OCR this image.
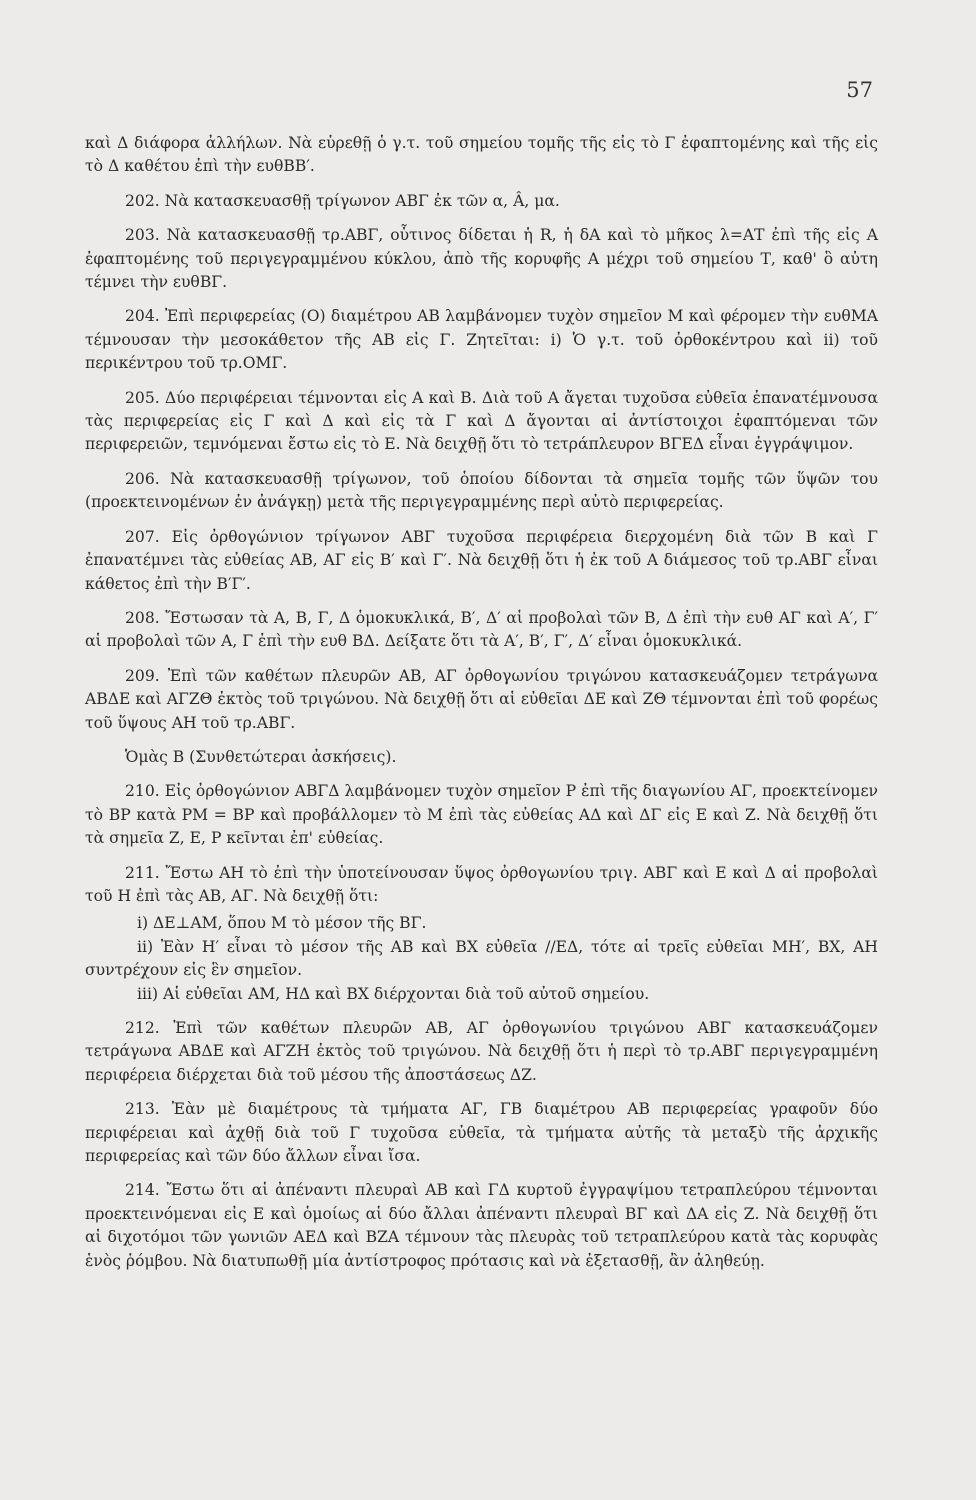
57

καὶ Δ διάφορα ἀλλήλων. Νὰ εὑρεθῇ ὁ γ.τ. τοῦ σημείου τομῆς τῆς εἰς τὸ Γ ἐφαπτομένης καὶ τῆς εἰς τὸ Δ καθέτου ἐπὶ τὴν ευθΒΒ′.

202. Νὰ κατασκευασθῇ τρίγωνον ΑΒΓ ἐκ τῶν α, Â, μα.

203. Νὰ κατασκευασθῇ τρ.ΑΒΓ, οὗτινος δίδεται ἡ R, ἡ δΑ καὶ τὸ μῆκος λ=ΑΤ ἐπὶ τῆς εἰς Α ἐφαπτομένης τοῦ περιγεγραμμένου κύκλου, ἀπὸ τῆς κορυφῆς Α μέχρι τοῦ σημείου Τ, καθ' ὃ αὐτη τέμνει τὴν ευθΒΓ.

204. Ἐπὶ περιφερείας (Ο) διαμέτρου ΑΒ λαμβάνομεν τυχὸν σημεῖον Μ καὶ φέρομεν τὴν ευθΜΑ τέμνουσαν τὴν μεσοκάθετον τῆς ΑΒ εἰς Γ. Ζητεῖται: i) Ὁ γ.τ. τοῦ ὀρθοκέντρου καὶ ii) τοῦ περικέντρου τοῦ τρ.ΟΜΓ.

205. Δύο περιφέρειαι τέμνονται εἰς Α καὶ Β. Διὰ τοῦ Α ἄγεται τυχοῦσα εὐθεῖα ἐπανατέμνουσα τὰς περιφερείας εἰς Γ καὶ Δ καὶ εἰς τὰ Γ καὶ Δ ἄγονται αἱ ἀντίστοιχοι ἐφαπτόμεναι τῶν περιφερειῶν, τεμνόμεναι ἔστω εἰς τὸ Ε. Νὰ δειχθῇ ὅτι τὸ τετράπλευρον ΒΓΕΔ εἶναι ἐγγράψιμον.

206. Νὰ κατασκευασθῇ τρίγωνον, τοῦ ὁποίου δίδονται τὰ σημεῖα τομῆς τῶν ὕψῶν του (προεκτεινομένων ἐν ἀνάγκῃ) μετὰ τῆς περιγεγραμμένης περὶ αὐτὸ περιφερείας.

207. Εἰς ὀρθογώνιον τρίγωνον ΑΒΓ τυχοῦσα περιφέρεια διερχομένη διὰ τῶν Β καὶ Γ ἐπανατέμνει τὰς εὐθείας ΑΒ, ΑΓ εἰς Β′ καὶ Γ′. Νὰ δειχθῇ ὅτι ἡ ἐκ τοῦ Α διάμεσος τοῦ τρ.ΑΒΓ εἶναι κάθετος ἐπὶ τὴν Β′Γ′.

208. Ἔστωσαν τὰ Α, Β, Γ, Δ ὁμοκυκλικά, Β′, Δ′ αἱ προβολαὶ τῶν Β, Δ ἐπὶ τὴν ευθ ΑΓ καὶ Α′, Γ′ αἱ προβολαὶ τῶν Α, Γ ἐπὶ τὴν ευθ ΒΔ. Δείξατε ὅτι τὰ Α′, Β′, Γ′, Δ′ εἶναι ὁμοκυκλικά.

209. Ἐπὶ τῶν καθέτων πλευρῶν ΑΒ, ΑΓ ὀρθογωνίου τριγώνου κατασκευάζομεν τετράγωνα ΑΒΔΕ καὶ ΑΓΖΘ ἐκτὸς τοῦ τριγώνου. Νὰ δειχθῇ ὅτι αἱ εὐθεῖαι ΔΕ καὶ ΖΘ τέμνονται ἐπὶ τοῦ φορέως τοῦ ὕψους ΑΗ τοῦ τρ.ΑΒΓ.

Ὁμὰς Β (Συνθετώτεραι ἀσκήσεις).

210. Εἰς ὀρθογώνιον ΑΒΓΔ λαμβάνομεν τυχὸν σημεῖον Ρ ἐπὶ τῆς διαγωνίου ΑΓ, προεκτείνομεν τὸ ΒΡ κατὰ ΡΜ = ΒΡ καὶ προβάλλομεν τὸ Μ ἐπὶ τὰς εὐθείας ΑΔ καὶ ΔΓ εἰς Ε καὶ Ζ. Νὰ δειχθῇ ὅτι τὰ σημεῖα Ζ, Ε, Ρ κεῖνται ἐπ' εὐθείας.

211. Ἔστω ΑΗ τὸ ἐπὶ τὴν ὑποτείνουσαν ὕψος ὀρθογωνίου τριγ. ΑΒΓ καὶ Ε καὶ Δ αἱ προβολαὶ τοῦ Η ἐπὶ τὰς ΑΒ, ΑΓ. Νὰ δειχθῇ ὅτι:

i) ΔΕ⊥ΑΜ, ὅπου Μ τὸ μέσον τῆς ΒΓ.

ii) Ἐὰν Η′ εἶναι τὸ μέσον τῆς ΑΒ καὶ ΒΧ εὐθεῖα //ΕΔ, τότε αἱ τρεῖς εὐθεῖαι ΜΗ′, ΒΧ, ΑΗ συντρέχουν εἰς ἓν σημεῖον.

iii) Αἱ εὐθεῖαι ΑΜ, ΗΔ καὶ ΒΧ διέρχονται διὰ τοῦ αὐτοῦ σημείου.

212. Ἐπὶ τῶν καθέτων πλευρῶν ΑΒ, ΑΓ ὀρθογωνίου τριγώνου ΑΒΓ κατασκευάζομεν τετράγωνα ΑΒΔΕ καὶ ΑΓΖΗ ἐκτὸς τοῦ τριγώνου. Νὰ δειχθῇ ὅτι ἡ περὶ τὸ τρ.ΑΒΓ περιγεγραμμένη περιφέρεια διέρχεται διὰ τοῦ μέσου τῆς ἀποστάσεως ΔΖ.

213. Ἐὰν μὲ διαμέτρους τὰ τμήματα ΑΓ, ΓΒ διαμέτρου ΑΒ περιφερείας γραφοῦν δύο περιφέρειαι καὶ ἀχθῇ διὰ τοῦ Γ τυχοῦσα εὐθεῖα, τὰ τμήματα αὐτῆς τὰ μεταξὺ τῆς ἀρχικῆς περιφερείας καὶ τῶν δύο ἄλλων εἶναι ἴσα.

214. Ἔστω ὅτι αἱ ἀπέναντι πλευραὶ ΑΒ καὶ ΓΔ κυρτοῦ ἐγγραψίμου τετραπλεύρου τέμνονται προεκτεινόμεναι εἰς Ε καὶ ὁμοίως αἱ δύο ἄλλαι ἀπέναντι πλευραὶ ΒΓ καὶ ΔΑ εἰς Ζ. Νὰ δειχθῇ ὅτι αἱ διχοτόμοι τῶν γωνιῶν ΑΕΔ καὶ ΒΖΑ τέμνουν τὰς πλευρὰς τοῦ τετραπλεύρου κατὰ τὰς κορυφὰς ἑνὸς ῥόμβου. Νὰ διατυπωθῇ μία ἀντίστροφος πρότασις καὶ νὰ ἐξετασθῇ, ἂν ἀληθεύῃ.
